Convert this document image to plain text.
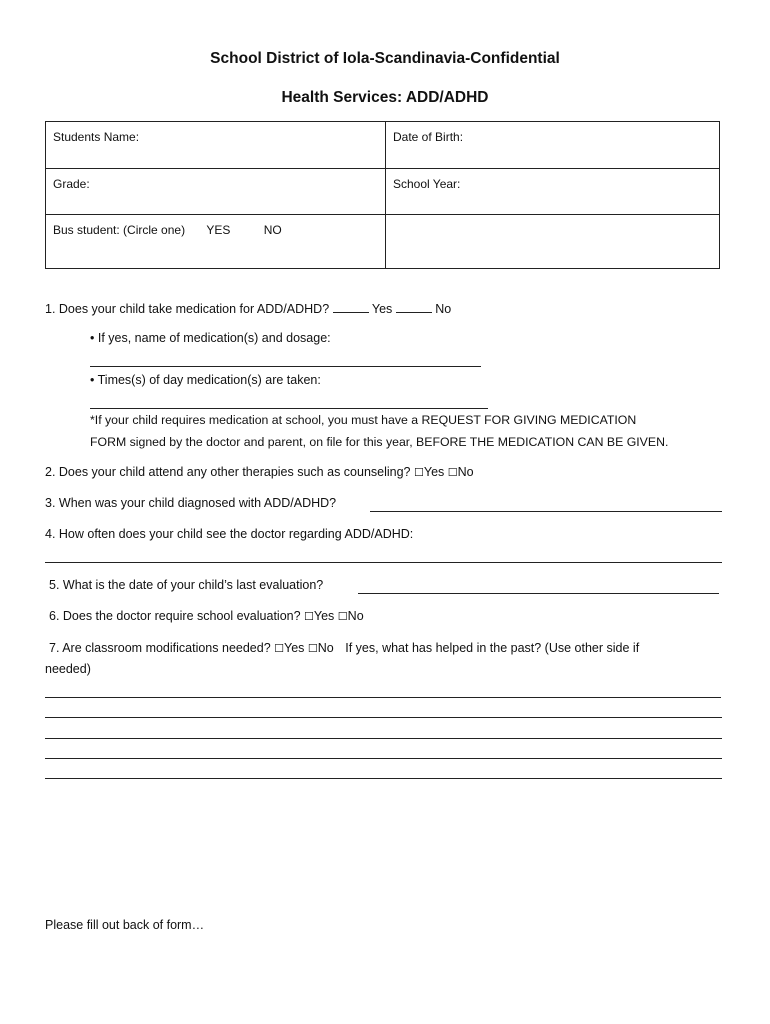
School District of Iola-Scandinavia-Confidential
Health Services: ADD/ADHD
Students Name:	Date of Birth:
Grade:	School Year:
Bus student: (Circle one) YES NO	
1. Does your child take medication for ADD/ADHD?	Yes	No
• If yes, name of medication(s) and dosage:
• Times(s) of day medication(s) are taken:
*If your child requires medication at school, you must have a REQUEST FOR GIVING MEDICATION
FORM signed by the doctor and parent, on file for this year, BEFORE THE MEDICATION CAN BE GIVEN.
2. Does your child attend any other therapies such as counseling? ☐Yes ☐No
3. When was your child diagnosed with ADD/ADHD?
4. How often does your child see the doctor regarding ADD/ADHD:
5. What is the date of your child’s last evaluation?
6. Does the doctor require school evaluation? ☐Yes ☐No
7. Are classroom modifications needed? ☐Yes ☐No If yes, what has helped in the past? (Use other side if
needed)
Please fill out back of form…
